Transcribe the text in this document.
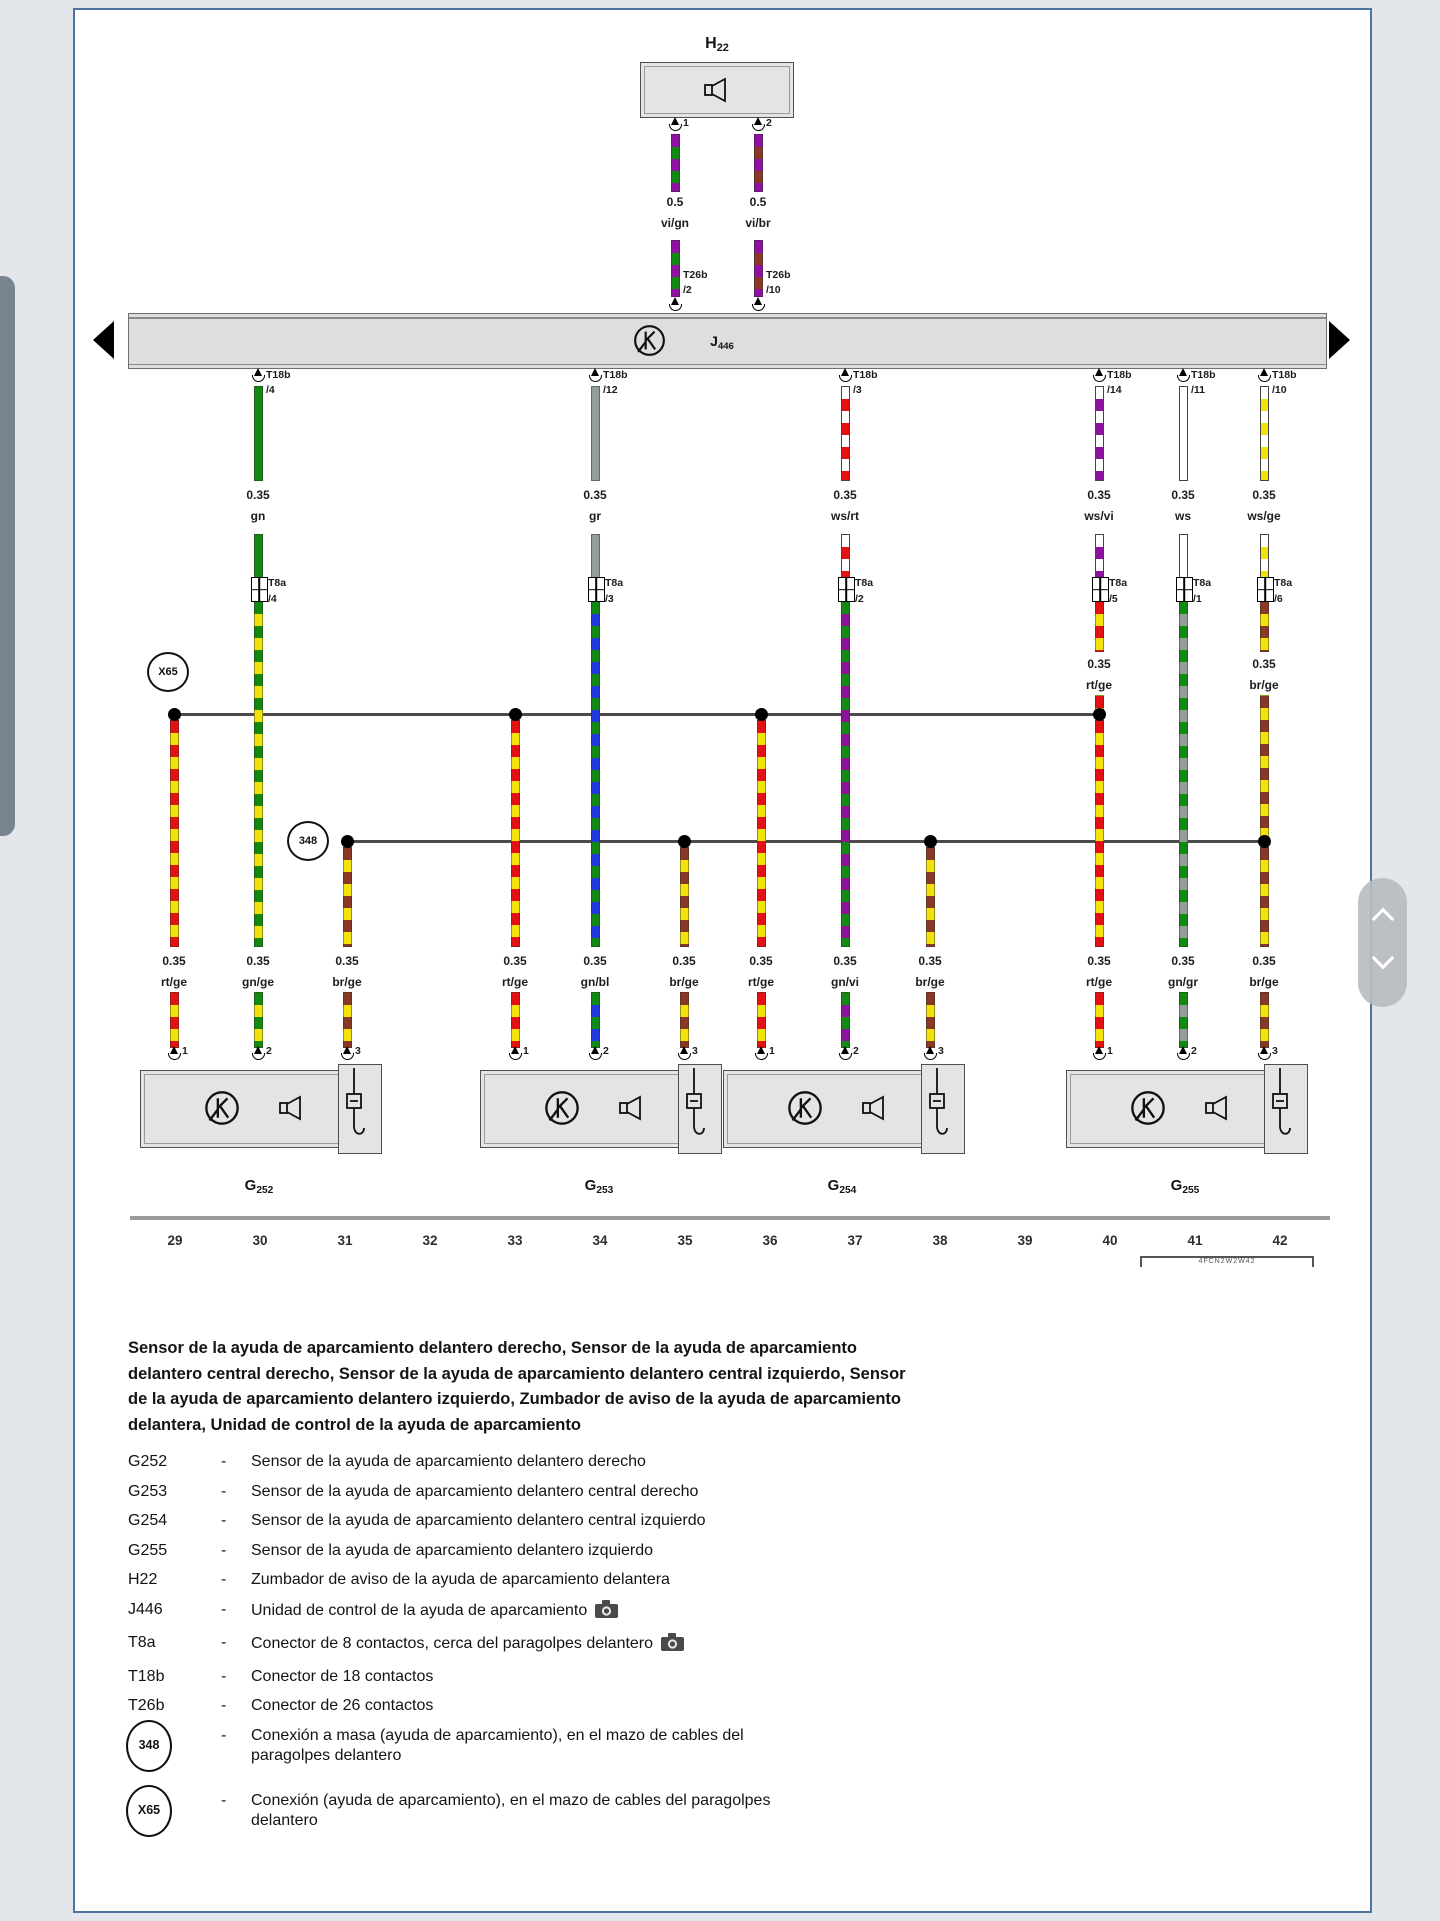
H22
1
0.5
vi/gn
T26b
/2
2
0.5
vi/br
T26b
/10
$J_{446}$
T18b
/4
0.35
gn
T8a
/4
T18b
/12
0.35
gr
T8a
/3
T18b
/3
0.35
ws/rt
T8a
/2
T18b
/14
0.35
ws/vi
T8a
/5
0.35
rt/ge
T18b
/11
0.35
ws
T8a
/1
T18b
/10
0.35
ws/ge
T8a
/6
0.35
br/ge
X65
348
0.35
rt/ge
1
0.35
gn/ge
2
0.35
br/ge
3
0.35
rt/ge
1
0.35
gn/bl
2
0.35
br/ge
3
0.35
rt/ge
1
0.35
gn/vi
2
0.35
br/ge
3
0.35
rt/ge
1
0.35
gn/gr
2
0.35
br/ge
3
$G_{252}$	$G_{253}$	$G_{254}$	$G_{255}$
29	30	31	32	33	34	35	36	37	38	39	40	41	42
4FCN2W2W42
Sensor de la ayuda de aparcamiento delantero derecho, Sensor de la ayuda de aparcamiento delantero central derecho, Sensor de la ayuda de aparcamiento delantero central izquierdo, Sensor de la ayuda de aparcamiento delantero izquierdo, Zumbador de aviso de la ayuda de aparcamiento delantera, Unidad de control de la ayuda de aparcamiento
G252	-	Sensor de la ayuda de aparcamiento delantero derecho
G253	-	Sensor de la ayuda de aparcamiento delantero central derecho
G254	-	Sensor de la ayuda de aparcamiento delantero central izquierdo
G255	-	Sensor de la ayuda de aparcamiento delantero izquierdo
H22	-	Zumbador de aviso de la ayuda de aparcamiento delantera
J446	-	Unidad de control de la ayuda de aparcamiento
T8a	-	Conector de 8 contactos, cerca del paragolpes delantero
T18b	-	Conector de 18 contactos
T26b	-	Conector de 26 contactos
348
-	Conexión a masa (ayuda de aparcamiento), en el mazo de cables del paragolpes delantero
X65
-	Conexión (ayuda de aparcamiento), en el mazo de cables del paragolpes delantero
